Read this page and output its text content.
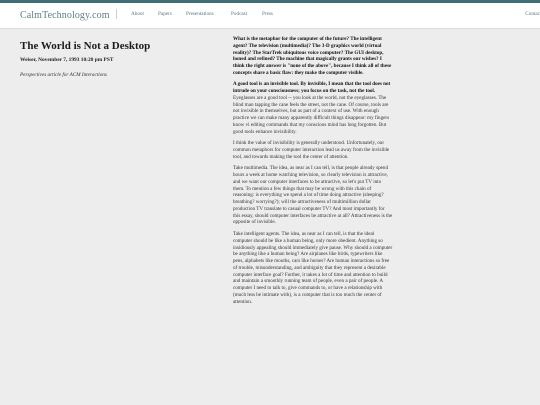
CalmTechnology.com	About	Papers	Presentations	Podcast	Press	Contac
The World is Not a Desktop
Weiser, November 7, 1993 10:20 pm PST
Perspectives article for ACM Interactions

What is the metaphor for the computer of the future? The intelligent agent? The television (multimedia)? The 3-D graphics world (virtual reality)? The StarTrek ubiquitous voice computer? The GUI desktop, honed and refined? The machine that magically grants our wishes? I think the right answer is "none of the above", because I think all of these concepts share a basic flaw: they make the computer visible.

A good tool is an invisible tool. By invisible, I mean that the tool does not intrude on your consciousness; you focus on the task, not the tool. Eyeglasses are a good tool -- you look at the world, not the eyeglasses. The blind man tapping the cane feels the street, not the cane. Of course, tools are not invisible in themselves, but as part of a context of use. With enough practice we can make many apparently difficult things disappear: my fingers know vi editing commands that my conscious mind has long forgotten. But good tools enhance invisibility.

I think the value of invisibility is generally understood. Unfortunately, our common metaphors for computer interaction lead us away from the invisible tool, and towards making the tool the center of attention.

Take multimedia. The idea, as near as I can tell, is that people already spend hours a week at home watching television, so clearly television is attractive, and we want our computer interfaces to be attractive, so let's put TV into them. To mention a few things that may be wrong with this chain of reasoning: is everything we spend a lot of time doing attractive (sleeping? breathing? worrying?); will the attractiveness of multimillion dollar production TV translate to casual computer TV? And most importantly for this essay, should computer interfaces be attractive at all? Attractiveness is the opposite of invisible.

Take intelligent agents. The idea, as near as I can tell, is that the ideal computer should be like a human being, only more obedient. Anything so insidiously appealing should immediately give pause. Why should a computer be anything like a human being? Are airplanes like birds, typewriters like pens, alphabets like mouths, cars like horses? Are human interactions so free of trouble, misunderstanding, and ambiguity that they represent a desirable computer interface goal? Further, it takes a lot of time and attention to build and maintain a smoothly running team of people, even a pair of people. A computer I need to talk to, give commands to, or have a relationship with (much less be intimate with), is a computer that is too much the center of attention.
